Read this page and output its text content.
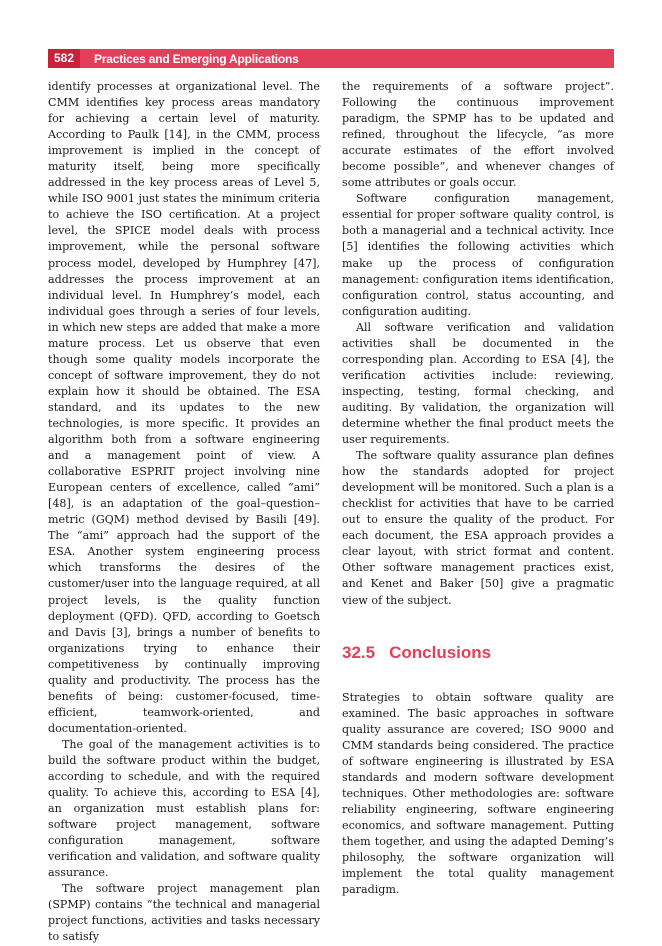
582	Practices and Emerging Applications

identify processes at organizational level. The CMM identifies key process areas mandatory for achieving a certain level of maturity. According to Paulk [14], in the CMM, process improvement is implied in the concept of maturity itself, being more specifically addressed in the key process areas of Level 5, while ISO 9001 just states the minimum criteria to achieve the ISO certification. At a project level, the SPICE model deals with process improvement, while the personal software process model, developed by Humphrey [47], addresses the process improvement at an individual level. In Humphrey’s model, each individual goes through a series of four levels, in which new steps are added that make a more mature process. Let us observe that even though some quality models incorporate the concept of software improvement, they do not explain how it should be obtained. The ESA standard, and its updates to the new technologies, is more specific. It provides an algorithm both from a software engineering and a management point of view. A collaborative ESPRIT project involving nine European centers of excellence, called “ami” [48], is an adaptation of the goal–question–metric (GQM) method devised by Basili [49]. The “ami” approach had the support of the ESA. Another system engineering process which transforms the desires of the customer/user into the language required, at all project levels, is the quality function deployment (QFD). QFD, according to Goetsch and Davis [3], brings a number of benefits to organizations trying to enhance their competitiveness by continually improving quality and productivity. The process has the benefits of being: customer-focused, time-efficient, teamwork-oriented, and documentation-oriented.

The goal of the management activities is to build the software product within the budget, according to schedule, and with the required quality. To achieve this, according to ESA [4], an organization must establish plans for: software project management, software configuration management, software verification and validation, and software quality assurance.

The software project management plan (SPMP) contains “the technical and managerial project functions, activities and tasks necessary to satisfy

the requirements of a software project”. Following the continuous improvement paradigm, the SPMP has to be updated and refined, throughout the lifecycle, “as more accurate estimates of the effort involved become possible”, and whenever changes of some attributes or goals occur.

Software configuration management, essential for proper software quality control, is both a managerial and a technical activity. Ince [5] identifies the following activities which make up the process of configuration management: configuration items identification, configuration control, status accounting, and configuration auditing.

All software verification and validation activities shall be documented in the corresponding plan. According to ESA [4], the verification activities include: reviewing, inspecting, testing, formal checking, and auditing. By validation, the organization will determine whether the final product meets the user requirements.

The software quality assurance plan defines how the standards adopted for project development will be monitored. Such a plan is a checklist for activities that have to be carried out to ensure the quality of the product. For each document, the ESA approach provides a clear layout, with strict format and content. Other software management practices exist, and Kenet and Baker [50] give a pragmatic view of the subject.

32.5 Conclusions

Strategies to obtain software quality are examined. The basic approaches in software quality assurance are covered; ISO 9000 and CMM standards being considered. The practice of software engineering is illustrated by ESA standards and modern software development techniques. Other methodologies are: software reliability engineering, software engineering economics, and software management. Putting them together, and using the adapted Deming’s philosophy, the software organization will implement the total quality management paradigm.
